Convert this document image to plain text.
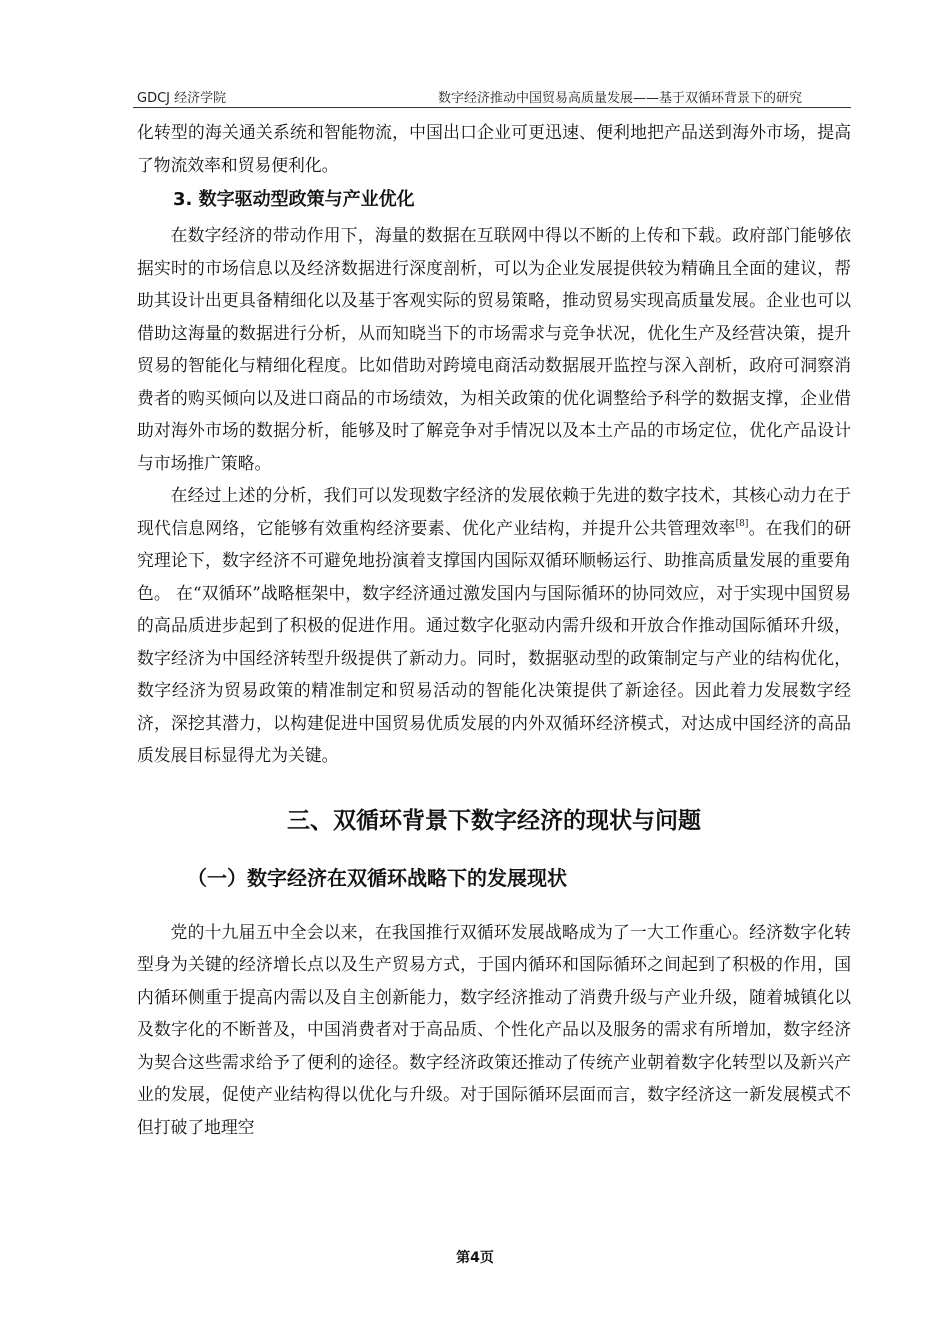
GDCJ 经济学院	数字经济推动中国贸易高质量发展——基于双循环背景下的研究

化转型的海关通关系统和智能物流，中国出口企业可更迅速、便利地把产品送到海外市场，提高了物流效率和贸易便利化。

3. 数字驱动型政策与产业优化

在数字经济的带动作用下，海量的数据在互联网中得以不断的上传和下载。政府部门能够依据实时的市场信息以及经济数据进行深度剖析，可以为企业发展提供较为精确且全面的建议，帮助其设计出更具备精细化以及基于客观实际的贸易策略，推动贸易实现高质量发展。企业也可以借助这海量的数据进行分析，从而知晓当下的市场需求与竞争状况，优化生产及经营决策，提升贸易的智能化与精细化程度。比如借助对跨境电商活动数据展开监控与深入剖析，政府可洞察消费者的购买倾向以及进口商品的市场绩效，为相关政策的优化调整给予科学的数据支撑，企业借助对海外市场的数据分析，能够及时了解竞争对手情况以及本土产品的市场定位，优化产品设计与市场推广策略。

在经过上述的分析，我们可以发现数字经济的发展依赖于先进的数字技术，其核心动力在于现代信息网络，它能够有效重构经济要素、优化产业结构，并提升公共管理效率[8]。在我们的研究理论下，数字经济不可避免地扮演着支撑国内国际双循环顺畅运行、助推高质量发展的重要角色。 在“双循环”战略框架中，数字经济通过激发国内与国际循环的协同效应，对于实现中国贸易的高品质进步起到了积极的促进作用。通过数字化驱动内需升级和开放合作推动国际循环升级，数字经济为中国经济转型升级提供了新动力。同时，数据驱动型的政策制定与产业的结构优化，数字经济为贸易政策的精准制定和贸易活动的智能化决策提供了新途径。因此着力发展数字经济，深挖其潜力，以构建促进中国贸易优质发展的内外双循环经济模式，对达成中国经济的高品质发展目标显得尤为关键。

三、双循环背景下数字经济的现状与问题
（一）数字经济在双循环战略下的发展现状

党的十九届五中全会以来，在我国推行双循环发展战略成为了一大工作重心。经济数字化转型身为关键的经济增长点以及生产贸易方式，于国内循环和国际循环之间起到了积极的作用，国内循环侧重于提高内需以及自主创新能力，数字经济推动了消费升级与产业升级，随着城镇化以及数字化的不断普及，中国消费者对于高品质、个性化产品以及服务的需求有所增加，数字经济为契合这些需求给予了便利的途径。数字经济政策还推动了传统产业朝着数字化转型以及新兴产业的发展，促使产业结构得以优化与升级。对于国际循环层面而言，数字经济这一新发展模式不但打破了地理空

第4页
